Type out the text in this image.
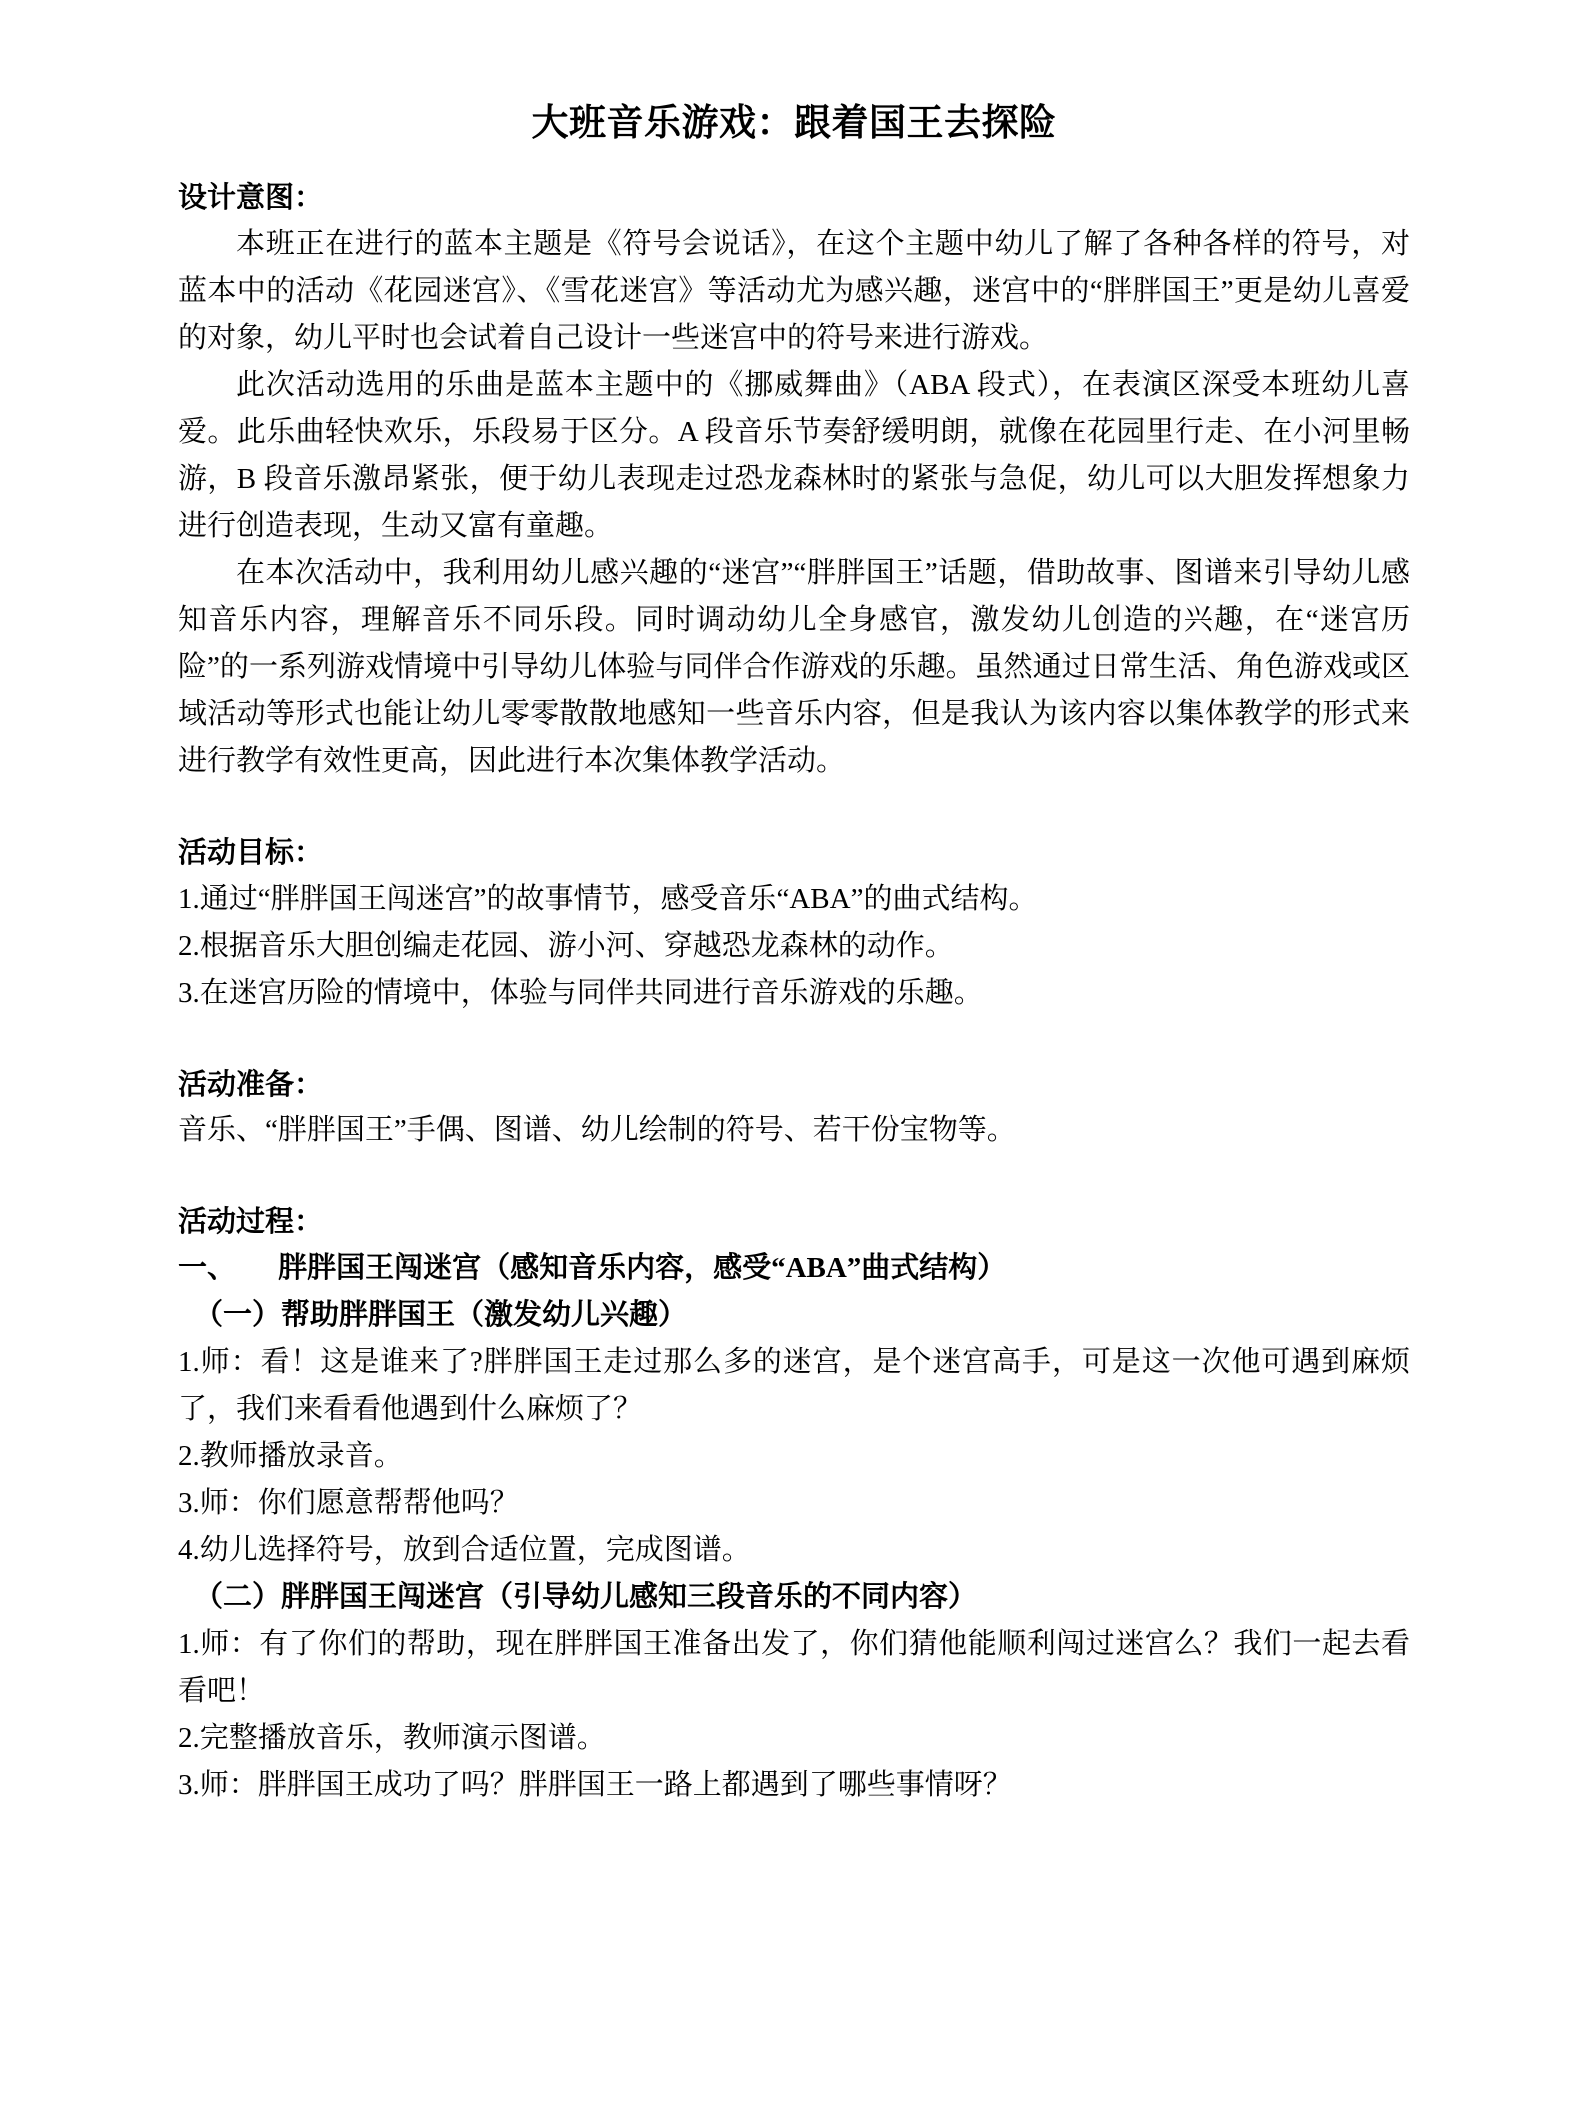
大班音乐游戏：跟着国王去探险
设计意图：
本班正在进行的蓝本主题是《符号会说话》，在这个主题中幼儿了解了各种各样的符号，对蓝本中的活动《花园迷宫》、《雪花迷宫》等活动尤为感兴趣，迷宫中的“胖胖国王”更是幼儿喜爱的对象，幼儿平时也会试着自己设计一些迷宫中的符号来进行游戏。
此次活动选用的乐曲是蓝本主题中的《挪威舞曲》（ABA 段式），在表演区深受本班幼儿喜爱。此乐曲轻快欢乐，乐段易于区分。A 段音乐节奏舒缓明朗，就像在花园里行走、在小河里畅游，B 段音乐激昂紧张，便于幼儿表现走过恐龙森林时的紧张与急促，幼儿可以大胆发挥想象力进行创造表现，生动又富有童趣。
在本次活动中，我利用幼儿感兴趣的“迷宫”“胖胖国王”话题，借助故事、图谱来引导幼儿感知音乐内容，理解音乐不同乐段。同时调动幼儿全身感官，激发幼儿创造的兴趣，在“迷宫历险”的一系列游戏情境中引导幼儿体验与同伴合作游戏的乐趣。虽然通过日常生活、角色游戏或区域活动等形式也能让幼儿零零散散地感知一些音乐内容，但是我认为该内容以集体教学的形式来进行教学有效性更高，因此进行本次集体教学活动。
活动目标：
1.通过“胖胖国王闯迷宫”的故事情节，感受音乐“ABA”的曲式结构。
2.根据音乐大胆创编走花园、游小河、穿越恐龙森林的动作。
3.在迷宫历险的情境中，体验与同伴共同进行音乐游戏的乐趣。
活动准备：
音乐、“胖胖国王”手偶、图谱、幼儿绘制的符号、若干份宝物等。
活动过程：
一、 胖胖国王闯迷宫（感知音乐内容，感受“ABA”曲式结构）
（一）帮助胖胖国王（激发幼儿兴趣）
1.师：看！这是谁来了?胖胖国王走过那么多的迷宫，是个迷宫高手，可是这一次他可遇到麻烦了，我们来看看他遇到什么麻烦了？
2.教师播放录音。
3.师：你们愿意帮帮他吗？
4.幼儿选择符号，放到合适位置，完成图谱。
（二）胖胖国王闯迷宫（引导幼儿感知三段音乐的不同内容）
1.师：有了你们的帮助，现在胖胖国王准备出发了，你们猜他能顺利闯过迷宫么？我们一起去看看吧！
2.完整播放音乐，教师演示图谱。
3.师：胖胖国王成功了吗？胖胖国王一路上都遇到了哪些事情呀？
